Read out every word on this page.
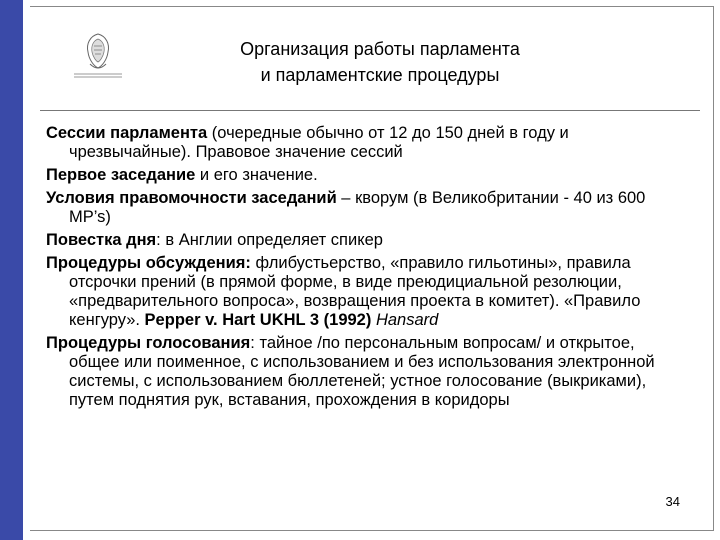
Организация работы парламента
и парламентские процедуры

Сессии парламента (очередные обычно от 12 до 150 дней в году и чрезвычайные). Правовое значение сессий

Первое заседание и его значение.

Условия правомочности заседаний – кворум (в Великобритании - 40 из 600 MP’s)

Повестка дня: в Англии определяет спикер

Процедуры обсуждения: флибустьерство, «правило гильотины», правила отсрочки прений (в прямой форме, в виде преюдициальной резолюции, «предварительного вопроса», возвращения проекта в комитет). «Правило кенгуру». Pepper v. Hart UKHL 3 (1992) Hansard

Процедуры голосования: тайное /по персональным вопросам/ и открытое, общее или поименное, с использованием и без использования электронной системы, с использованием бюллетеней; устное голосование (выкриками), путем поднятия рук, вставания, прохождения в коридоры

34
